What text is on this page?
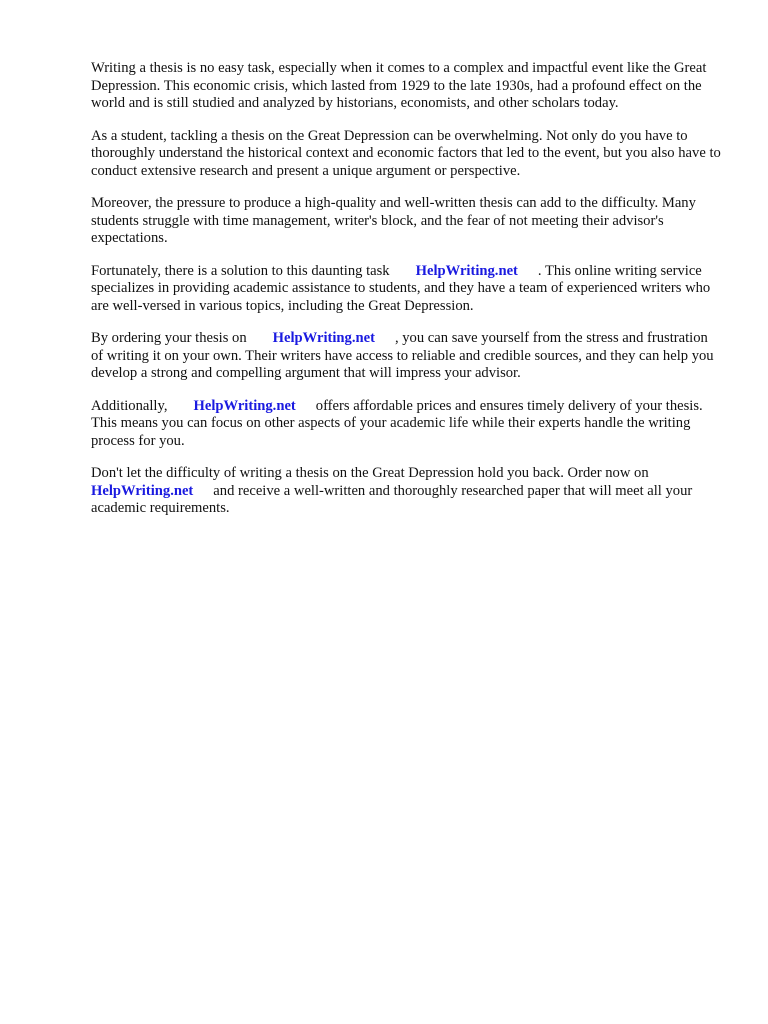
Writing a thesis is no easy task, especially when it comes to a complex and impactful event like the Great Depression. This economic crisis, which lasted from 1929 to the late 1930s, had a profound effect on the world and is still studied and analyzed by historians, economists, and other scholars today.

As a student, tackling a thesis on the Great Depression can be overwhelming. Not only do you have to thoroughly understand the historical context and economic factors that led to the event, but you also have to conduct extensive research and present a unique argument or perspective.

Moreover, the pressure to produce a high-quality and well-written thesis can add to the difficulty. Many students struggle with time management, writer's block, and the fear of not meeting their advisor's expectations.

Fortunately, there is a solution to this daunting task HelpWriting.net . This online writing service specializes in providing academic assistance to students, and they have a team of experienced writers who are well-versed in various topics, including the Great Depression.

By ordering your thesis on HelpWriting.net , you can save yourself from the stress and frustration of writing it on your own. Their writers have access to reliable and credible sources, and they can help you develop a strong and compelling argument that will impress your advisor.

Additionally, HelpWriting.net offers affordable prices and ensures timely delivery of your thesis. This means you can focus on other aspects of your academic life while their experts handle the writing process for you.

Don't let the difficulty of writing a thesis on the Great Depression hold you back. Order now on HelpWriting.net and receive a well-written and thoroughly researched paper that will meet all your academic requirements.
